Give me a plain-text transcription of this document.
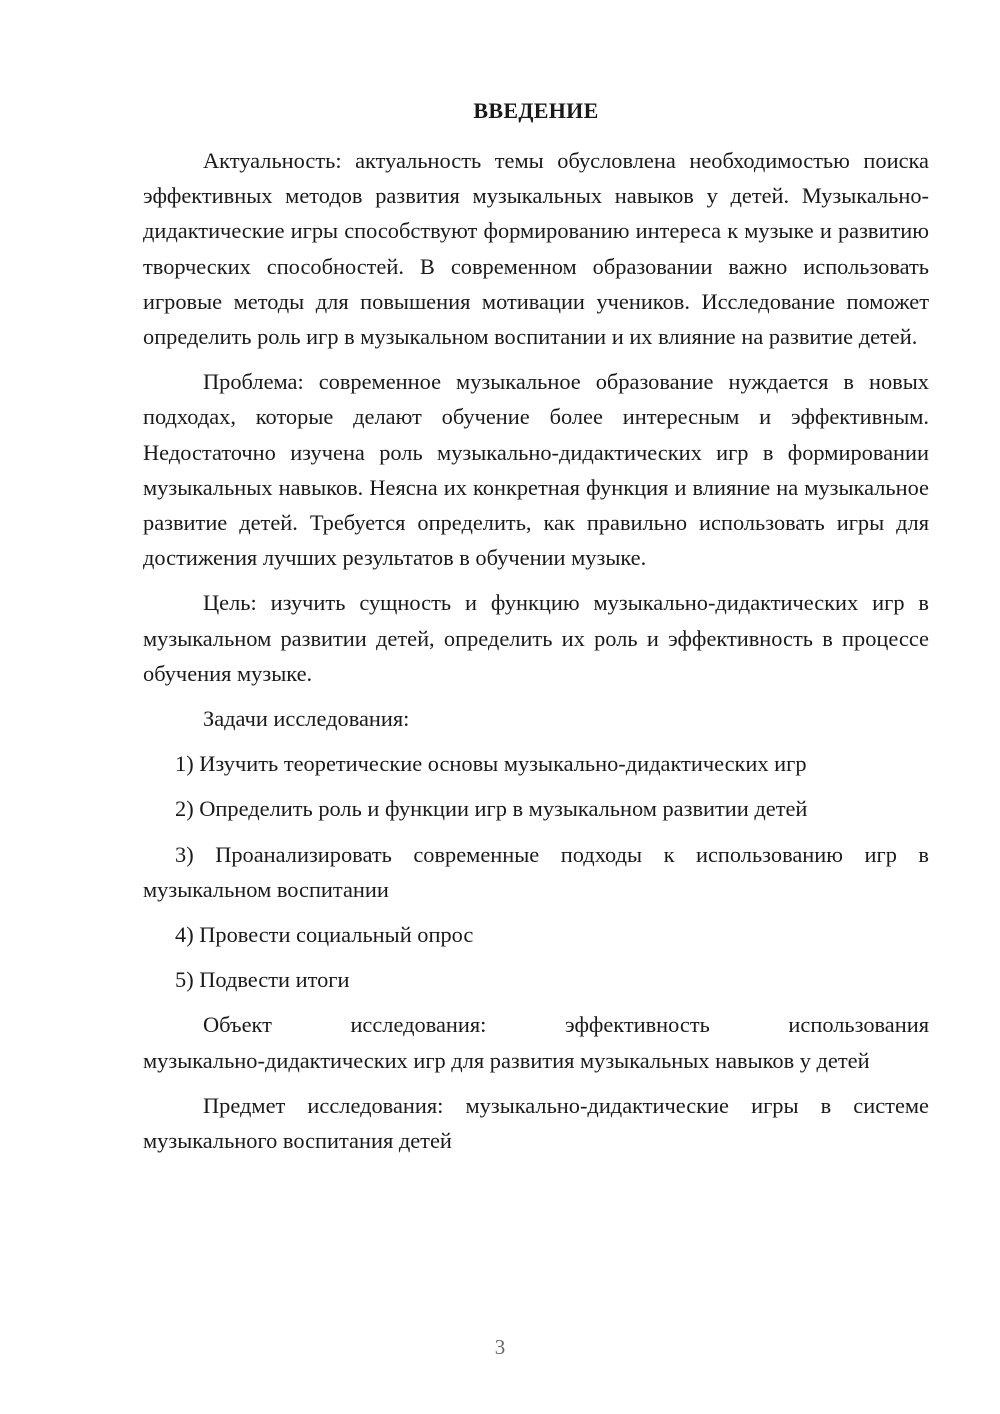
ВВЕДЕНИЕ

Актуальность: актуальность темы обусловлена необходимостью поиска эффективных методов развития музыкальных навыков у детей. Музыкально-дидактические игры способствуют формированию интереса к музыке и развитию творческих способностей. В современном образовании важно использовать игровые методы для повышения мотивации учеников. Исследование поможет определить роль игр в музыкальном воспитании и их влияние на развитие детей.

Проблема: современное музыкальное образование нуждается в новых подходах, которые делают обучение более интересным и эффективным. Недостаточно изучена роль музыкально-дидактических игр в формировании музыкальных навыков. Неясна их конкретная функция и влияние на музыкальное развитие детей. Требуется определить, как правильно использовать игры для достижения лучших результатов в обучении музыке.

Цель: изучить сущность и функцию музыкально-дидактических игр в музыкальном развитии детей, определить их роль и эффективность в процессе обучения музыке.

Задачи исследования:

1) Изучить теоретические основы музыкально-дидактических игр

2) Определить роль и функции игр в музыкальном развитии детей

3) Проанализировать современные подходы к использованию игр в музыкальном воспитании

4) Провести социальный опрос

5) Подвести итоги

Объект исследования: эффективность использования
музыкально-дидактических игр для развития музыкальных навыков у детей

Предмет исследования: музыкально-дидактические игры в системе музыкального воспитания детей

3
